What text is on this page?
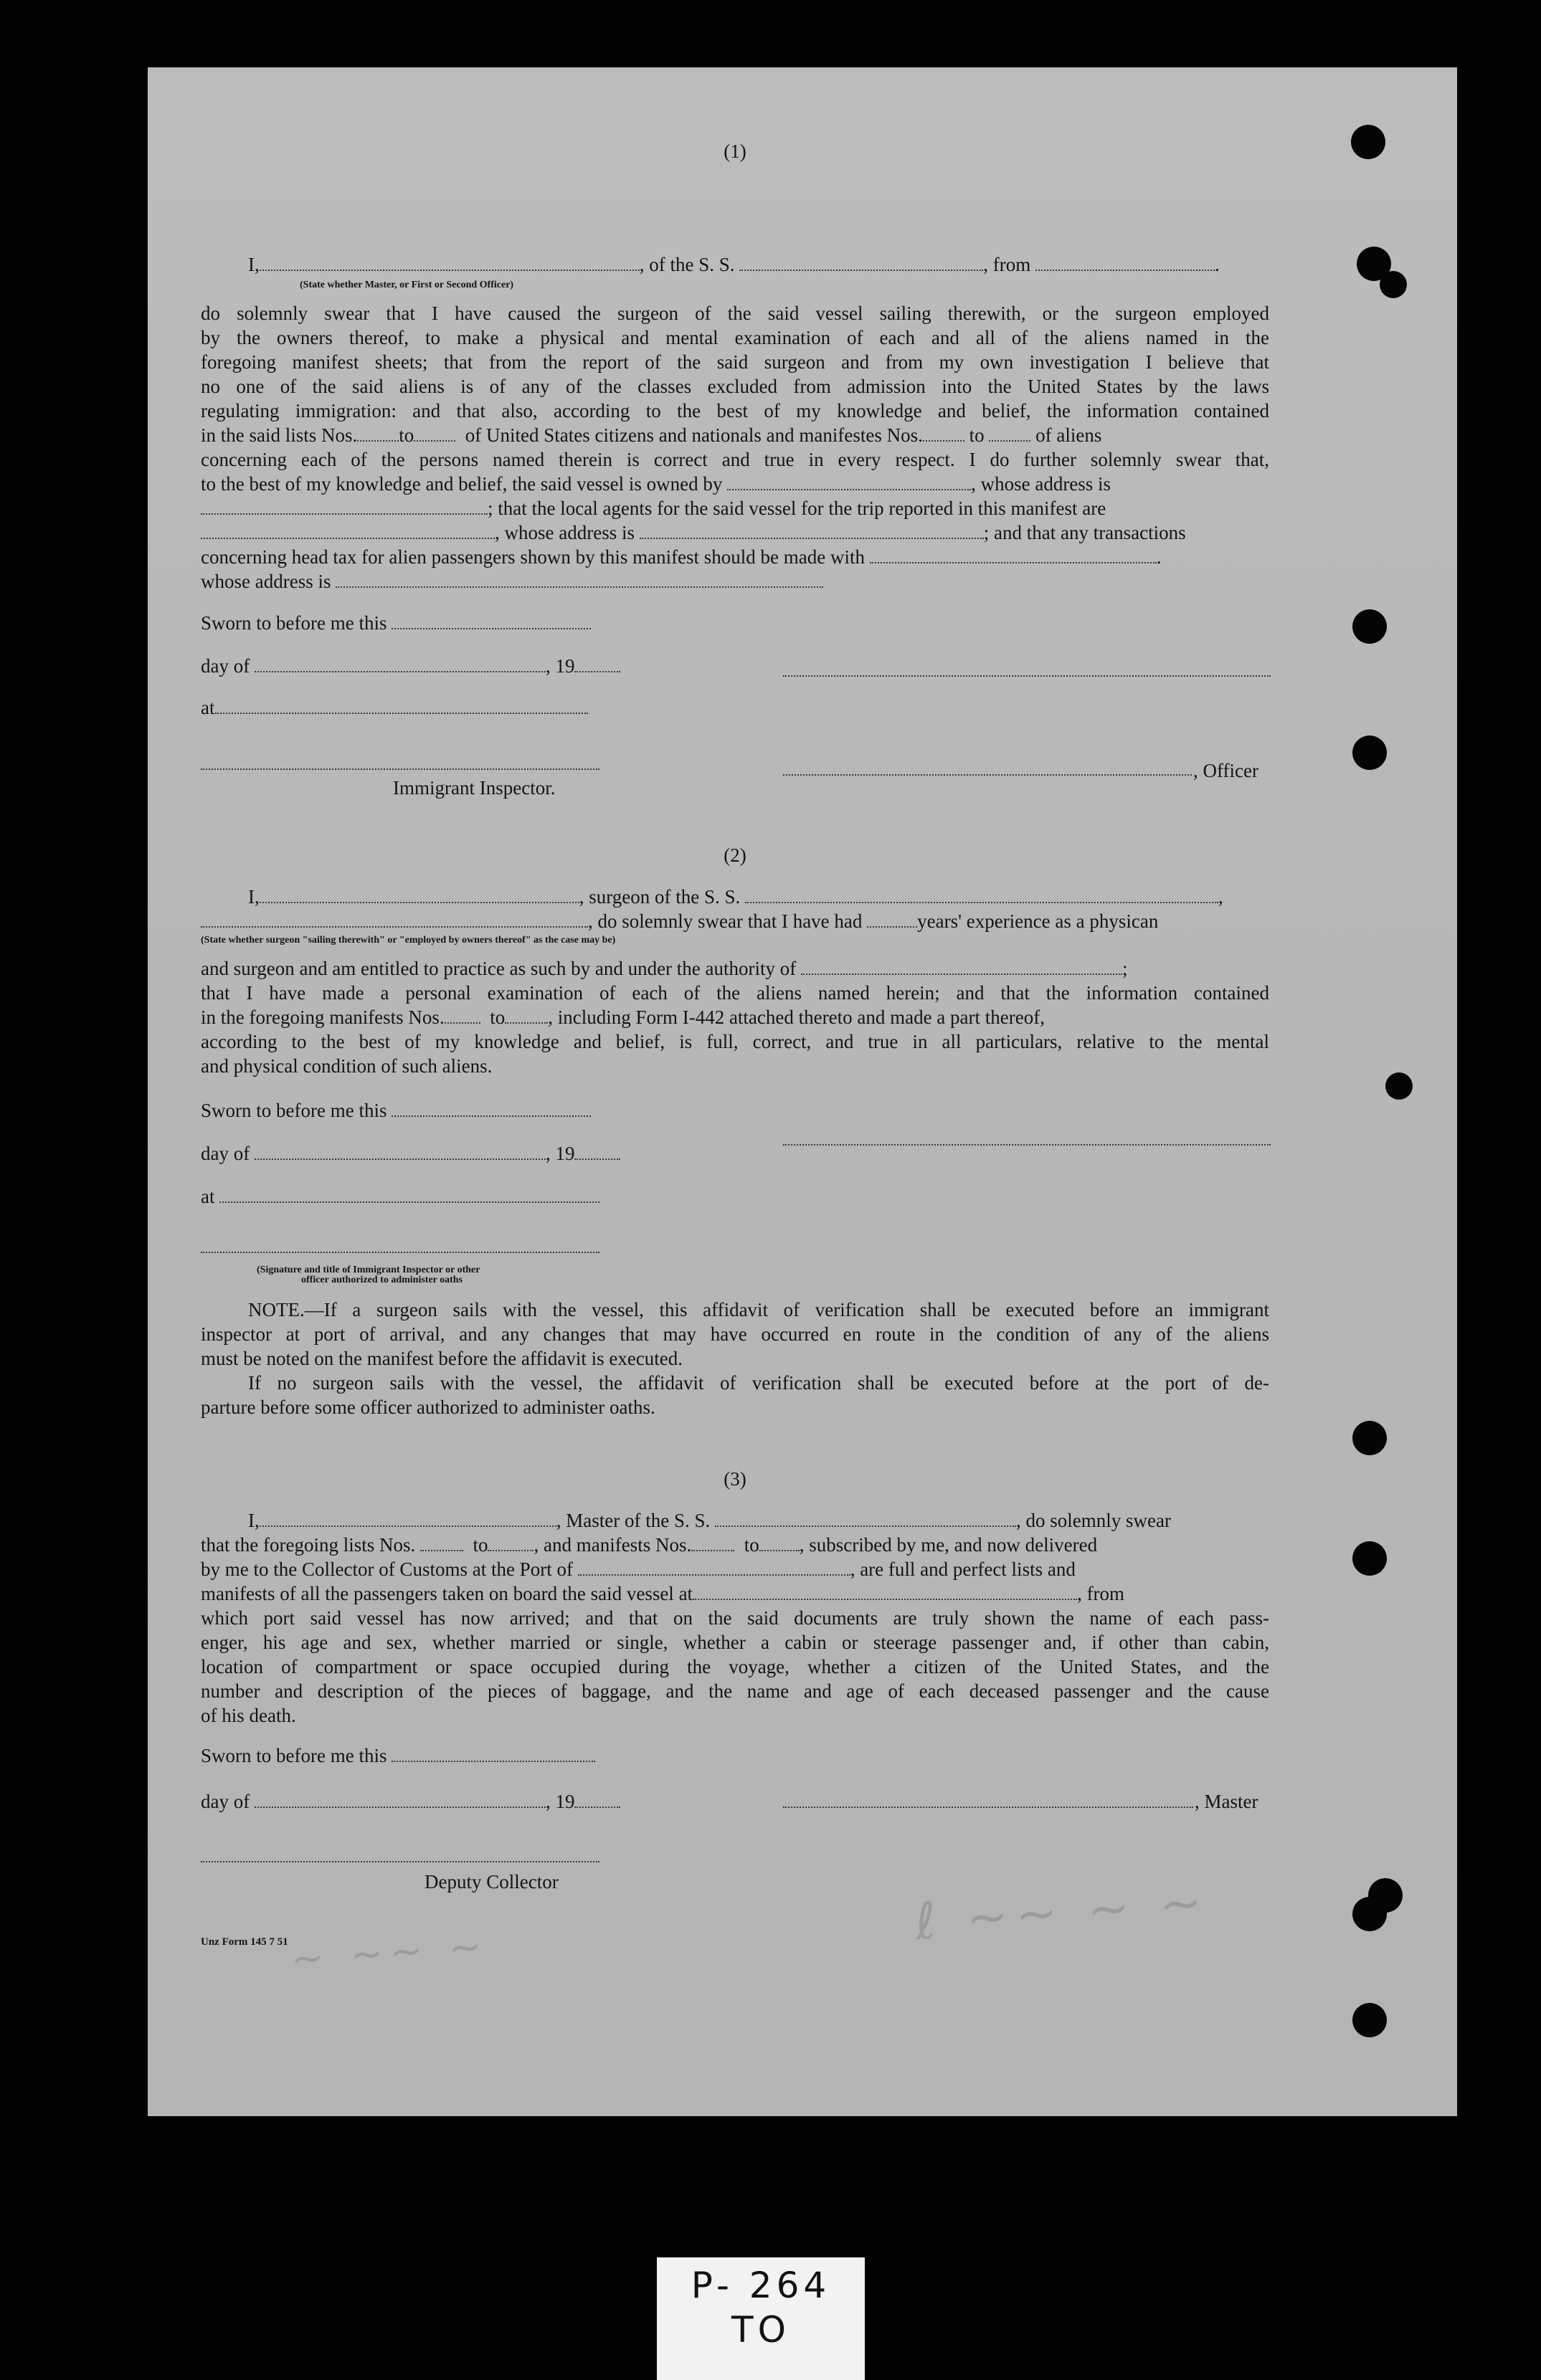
(1)
I,	, of the S. S.	, from	.
(State whether Master, or First or Second Officer)
do solemnly swear that I have caused the surgeon of the said vessel sailing therewith, or the surgeon employed
by the owners thereof, to make a physical and mental examination of each and all of the aliens named in the
foregoing manifest sheets; that from the report of the said surgeon and from my own investigation I believe that
no one of the said aliens is of any of the classes excluded from admission into the United States by the laws
regulating immigration: and that also, according to the best of my knowledge and belief, the information contained
in the said lists Nos. to	of United States citizens and nationals and manifestes Nos. to	of aliens
concerning each of the persons named therein is correct and true in every respect. I do further solemnly swear that,
to the best of my knowledge and belief, the said vessel is owned by	, whose address is
; that the local agents for the said vessel for the trip reported in this manifest are
, whose address is	; and that any transactions
concerning head tax for alien passengers shown by this manifest should be made with	.
whose address is
Sworn to before me this
day of	, 19
at
, Officer
Immigrant Inspector.
(2)
I,	, surgeon of the S. S.	,
, do solemnly swear that I have had	years' experience as a physican
(State whether surgeon "sailing therewith" or "employed by owners thereof" as the case may be)
and surgeon and am entitled to practice as such by and under the authority of	;
that I have made a personal examination of each of the aliens named herein; and that the information contained
in the foregoing manifests Nos. to , including Form I-442 attached thereto and made a part thereof,
according to the best of my knowledge and belief, is full, correct, and true in all particulars, relative to the mental
and physical condition of such aliens.
Sworn to before me this
day of	, 19
at
(Signature and title of Immigrant Inspector or other
officer authorized to administer oaths
NOTE.—If a surgeon sails with the vessel, this affidavit of verification shall be executed before an immigrant
inspector at port of arrival, and any changes that may have occurred en route in the condition of any of the aliens
must be noted on the manifest before the affidavit is executed.
If no surgeon sails with the vessel, the affidavit of verification shall be executed before at the port of de-
parture before some officer authorized to administer oaths.
(3)
I,	, Master of the S. S.	, do solemnly swear
that the foregoing lists Nos.	to , and manifests Nos.	to , subscribed by me, and now delivered
by me to the Collector of Customs at the Port of	, are full and perfect lists and
manifests of all the passengers taken on board the said vessel at	, from
which port said vessel has now arrived; and that on the said documents are truly shown the name of each pass-
enger, his age and sex, whether married or single, whether a cabin or steerage passenger and, if other than cabin,
location of compartment or space occupied during the voyage, whether a citizen of the United States, and the
number and description of the pieces of baggage, and the name and age of each deceased passenger and the cause
of his death.
Sworn to before me this
day of	, 19	, Master
Deputy Collector
Unz Form 145 7 51	ℓ ~~ ~ ~
~ ~~ ~
P- 264
TO
